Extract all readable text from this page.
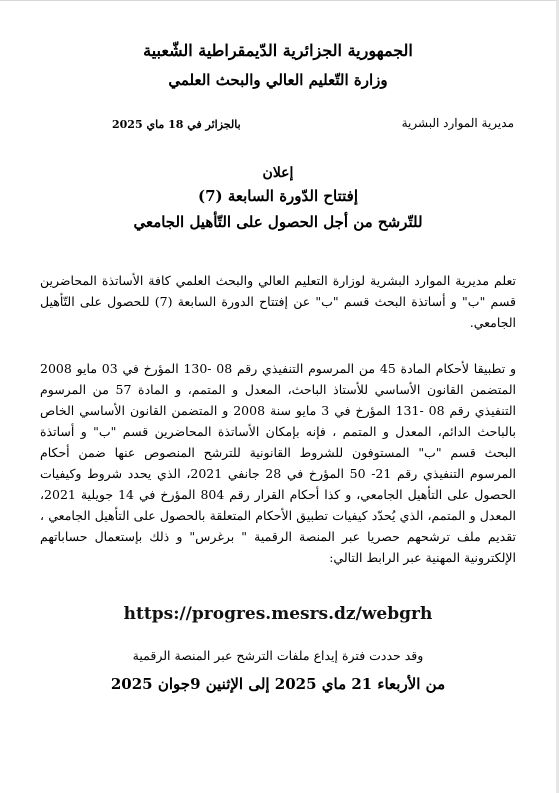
الجمهورية الجزائرية الدّيمقراطية الشّعبية
وزارة التّعليم العالي والبحث العلمي
مديرية الموارد البشرية
بالجزائر في 18 ماي 2025
إعلان
إفتتاح الدّورة السابعة (7)
للتّرشح من أجل الحصول على التّأهيل الجامعي

تعلم مديرية الموارد البشرية لوزارة التعليم العالي والبحث العلمي كافة الأساتذة المحاضرين قسم "ب" و أساتذة البحث قسم "ب" عن إفتتاح الدورة السابعة (7) للحصول على التّأهيل الجامعي.

و تطبيقا لأحكام المادة 45 من المرسوم التنفيذي رقم 08 -130 المؤرخ في 03 مايو 2008 المتضمن القانون الأساسي للأستاذ الباحث، المعدل و المتمم، و المادة 57 من المرسوم التنفيذي رقم 08 -131 المؤرخ في 3 مايو سنة 2008 و المتضمن القانون الأساسي الخاص بالباحث الدائم، المعدل و المتمم ، فإنه بإمكان الأساتذة المحاضرين قسم "ب" و أساتذة البحث قسم "ب" المستوفون للشروط القانونية للترشح المنصوص عنها ضمن أحكام المرسوم التنفيذي رقم 21- 50 المؤرخ في 28 جانفي 2021، الذي يحدد شروط وكيفيات الحصول على التأهيل الجامعي، و كذا أحكام القرار رقم 804 المؤرخ في 14 جويلية 2021، المعدل و المتمم، الذي يُحدّد كيفيات تطبيق الأحكام المتعلقة بالحصول على التأهيل الجامعي ، تقديم ملف ترشحهم حصريا عبر المنصة الرقمية " برغرس" و ذلك بإستعمال حساباتهم الإلكترونية المهنية عبر الرابط التالي:

https://progres.mesrs.dz/webgrh
وقد حددت فترة إيداع ملفات الترشح عبر المنصة الرقمية
من الأربعاء 21 ماي 2025 إلى الإثنين 9جوان 2025
